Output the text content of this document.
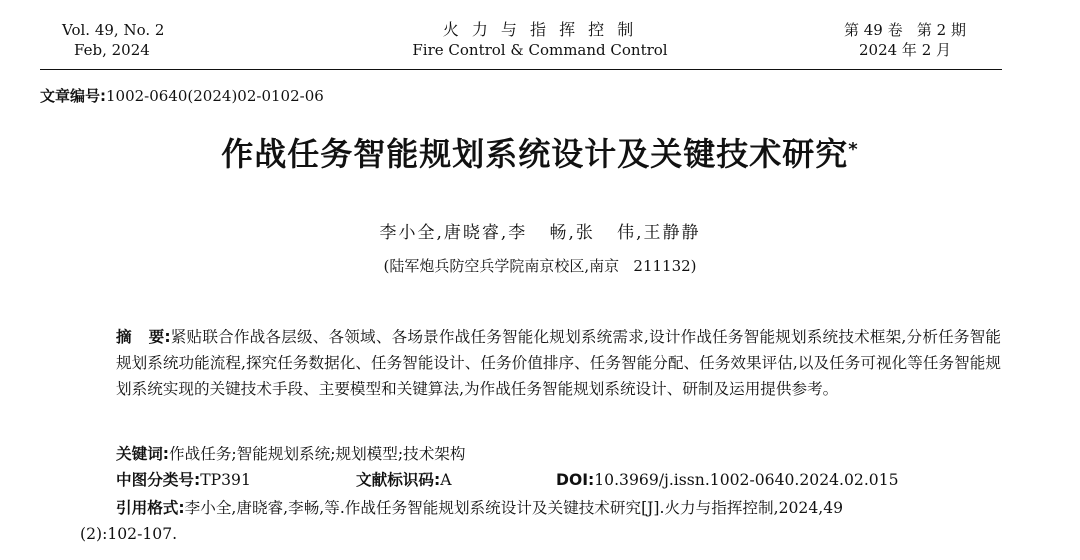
Vol. 49, No. 2
Feb, 2024
火 力 与 指 挥 控 制
Fire Control & Command Control
第 49 卷   第 2 期
2024 年 2 月
文章编号:1002-0640(2024)02-0102-06
作战任务智能规划系统设计及关键技术研究*
李小全,唐晓睿,李   畅,张   伟,王静静
(陆军炮兵防空兵学院南京校区,南京   211132)
摘   要:紧贴联合作战各层级、各领域、各场景作战任务智能化规划系统需求,设计作战任务智能规划系统技术框架,分析任务智能规划系统功能流程,探究任务数据化、任务智能设计、任务价值排序、任务智能分配、任务效果评估,以及任务可视化等任务智能规划系统实现的关键技术手段、主要模型和关键算法,为作战任务智能规划系统设计、研制及运用提供参考。
关键词:作战任务;智能规划系统;规划模型;技术架构
中图分类号:TP391	文献标识码:A	DOI:10.3969/j.issn.1002-0640.2024.02.015
引用格式:李小全,唐晓睿,李畅,等.作战任务智能规划系统设计及关键技术研究[J].火力与指挥控制,2024,49
(2):102-107.
